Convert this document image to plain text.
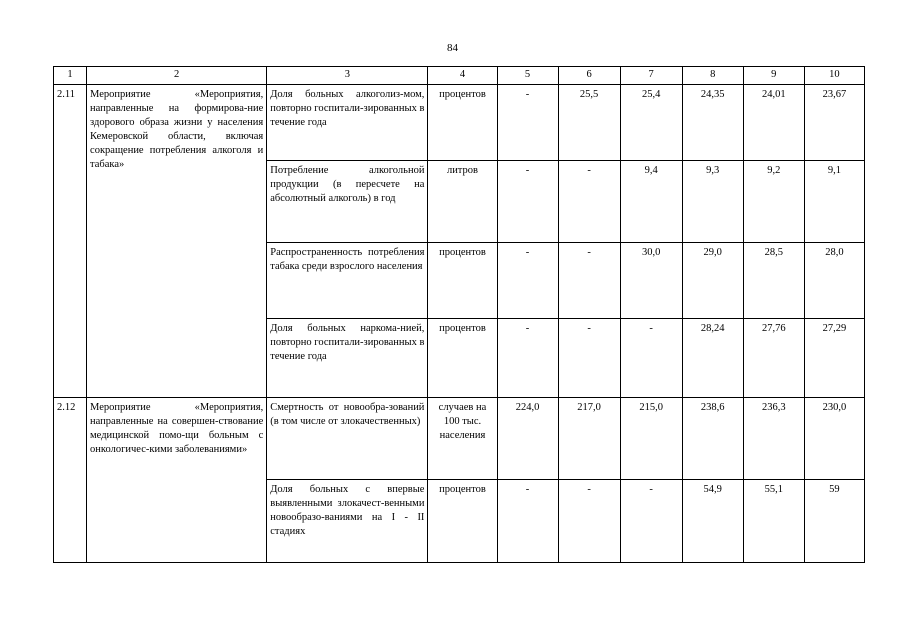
84
1	2	3	4	5	6	7	8	9	10
2.11	Мероприятие «Мероприятия, направленные на формирова-ние здорового образа жизни у населения Кемеровской области, включая сокращение потребления алкоголя и табака»	Доля больных алкоголиз-мом, повторно госпитали-зированных в течение года	процентов	-	25,5	25,4	24,35	24,01	23,67
		Потребление алкогольной продукции (в пересчете на абсолютный алкоголь) в год	литров	-	-	9,4	9,3	9,2	9,1
		Распространенность потребления табака среди взрослого населения	процентов	-	-	30,0	29,0	28,5	28,0
		Доля больных наркома-нией, повторно госпитали-зированных в течение года	процентов	-	-	-	28,24	27,76	27,29
2.12	Мероприятие «Мероприятия, направленные на совершен-ствование медицинской помо-щи больным с онкологичес-кими заболеваниями»	Смертность от новообра-зований (в том числе от злокачественных)	случаев на 100 тыс. населения	224,0	217,0	215,0	238,6	236,3	230,0
		Доля больных с впервые выявленными злокачест-венными новообразо-ваниями на I - II стадиях	процентов	-	-	-	54,9	55,1	59
